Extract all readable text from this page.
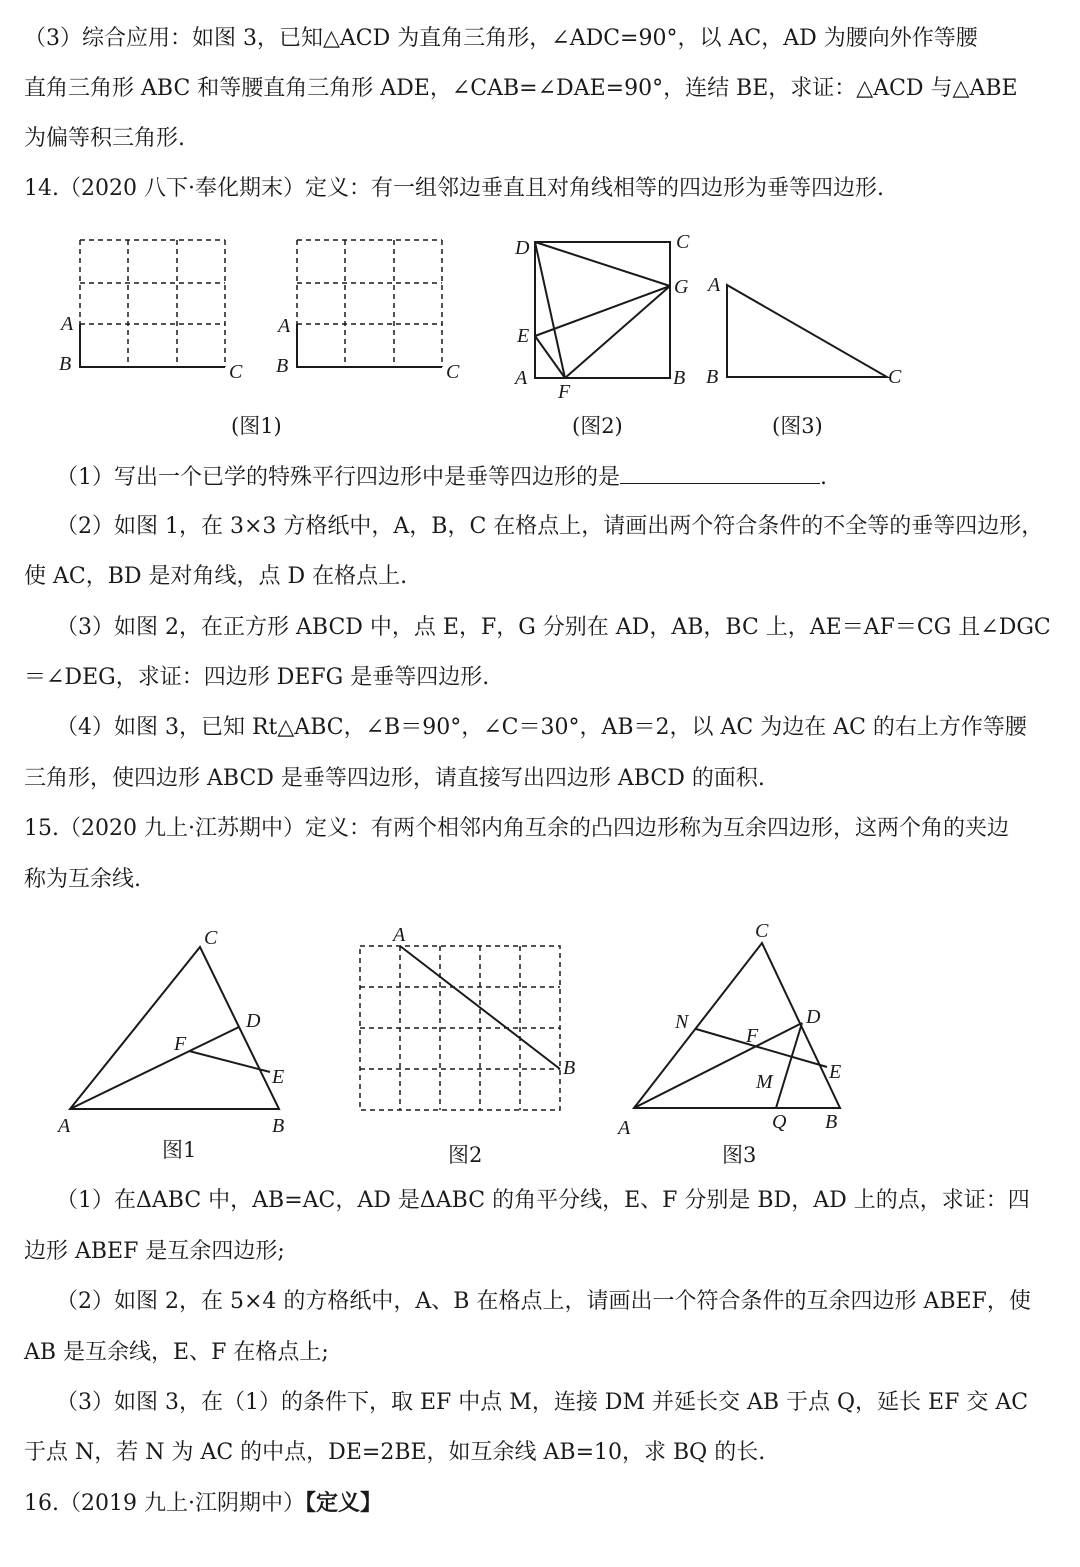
（3）综合应用：如图 3，已知△ACD 为直角三角形，∠ADC=90°，以 AC，AD 为腰向外作等腰
直角三角形 ABC 和等腰直角三角形 ADE，∠CAB=∠DAE=90°，连结 BE，求证：△ACD 与△ABE
为偏等积三角形.
14.（2020 八下·奉化期末）定义：有一组邻边垂直且对角线相等的四边形为垂等四边形.
A
B	C
A
B	C
D	C
G
E
A
F
B
A
B	C
(图1)	(图2)	(图3)
（1）写出一个已学的特殊平行四边形中是垂等四边形的是	.
（2）如图 1，在 3×3 方格纸中，A，B，C 在格点上，请画出两个符合条件的不全等的垂等四边形，
使 AC，BD 是对角线，点 D 在格点上.
（3）如图 2，在正方形 ABCD 中，点 E，F，G 分别在 AD，AB，BC 上，AE＝AF＝CG 且∠DGC
＝∠DEG，求证：四边形 DEFG 是垂等四边形.
（4）如图 3，已知 Rt△ABC，∠B＝90°，∠C＝30°，AB＝2，以 AC 为边在 AC 的右上方作等腰
三角形，使四边形 ABCD 是垂等四边形，请直接写出四边形 ABCD 的面积.
15.（2020 九上·江苏期中）定义：有两个相邻内角互余的凸四边形称为互余四边形，这两个角的夹边
称为互余线.
C
D
F
E
A	B
A
B
C
N	D
F
E
M
A	Q B
图1	图2	图3
（1）在ΔABC 中，AB=AC，AD 是ΔABC 的角平分线，E、F 分别是 BD，AD 上的点，求证：四
边形 ABEF 是互余四边形;
（2）如图 2，在 5×4 的方格纸中，A、B 在格点上，请画出一个符合条件的互余四边形 ABEF，使
AB 是互余线，E、F 在格点上;
（3）如图 3，在（1）的条件下，取 EF 中点 M，连接 DM 并延长交 AB 于点 Q，延长 EF 交 AC
于点 N，若 N 为 AC 的中点，DE=2BE，如互余线 AB=10，求 BQ 的长.
16.（2019 九上·江阴期中）【定义】
